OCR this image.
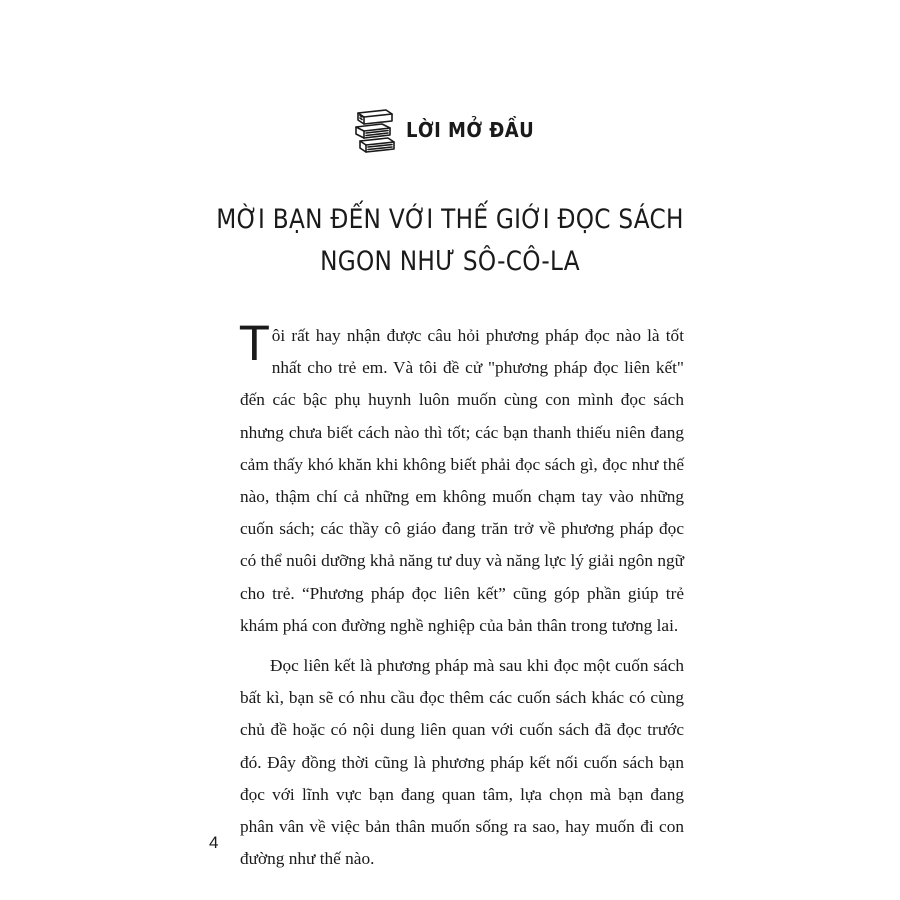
LỜI MỞ ĐẦU
MỜI BẠN ĐẾN VỚI THẾ GIỚI ĐỌC SÁCH
NGON NHƯ SÔ-CÔ-LA

Tôi rất hay nhận được câu hỏi phương pháp đọc nào là tốt nhất cho trẻ em. Và tôi đề cử "phương pháp đọc liên kết" đến các bậc phụ huynh luôn muốn cùng con mình đọc sách nhưng chưa biết cách nào thì tốt; các bạn thanh thiếu niên đang cảm thấy khó khăn khi không biết phải đọc sách gì, đọc như thế nào, thậm chí cả những em không muốn chạm tay vào những cuốn sách; các thầy cô giáo đang trăn trở về phương pháp đọc có thể nuôi dưỡng khả năng tư duy và năng lực lý giải ngôn ngữ cho trẻ. “Phương pháp đọc liên kết” cũng góp phần giúp trẻ khám phá con đường nghề nghiệp của bản thân trong tương lai.

Đọc liên kết là phương pháp mà sau khi đọc một cuốn sách bất kì, bạn sẽ có nhu cầu đọc thêm các cuốn sách khác có cùng chủ đề hoặc có nội dung liên quan với cuốn sách đã đọc trước đó. Đây đồng thời cũng là phương pháp kết nối cuốn sách bạn đọc với lĩnh vực bạn đang quan tâm, lựa chọn mà bạn đang phân vân về việc bản thân muốn sống ra sao, hay muốn đi con đường như thế nào.

4
